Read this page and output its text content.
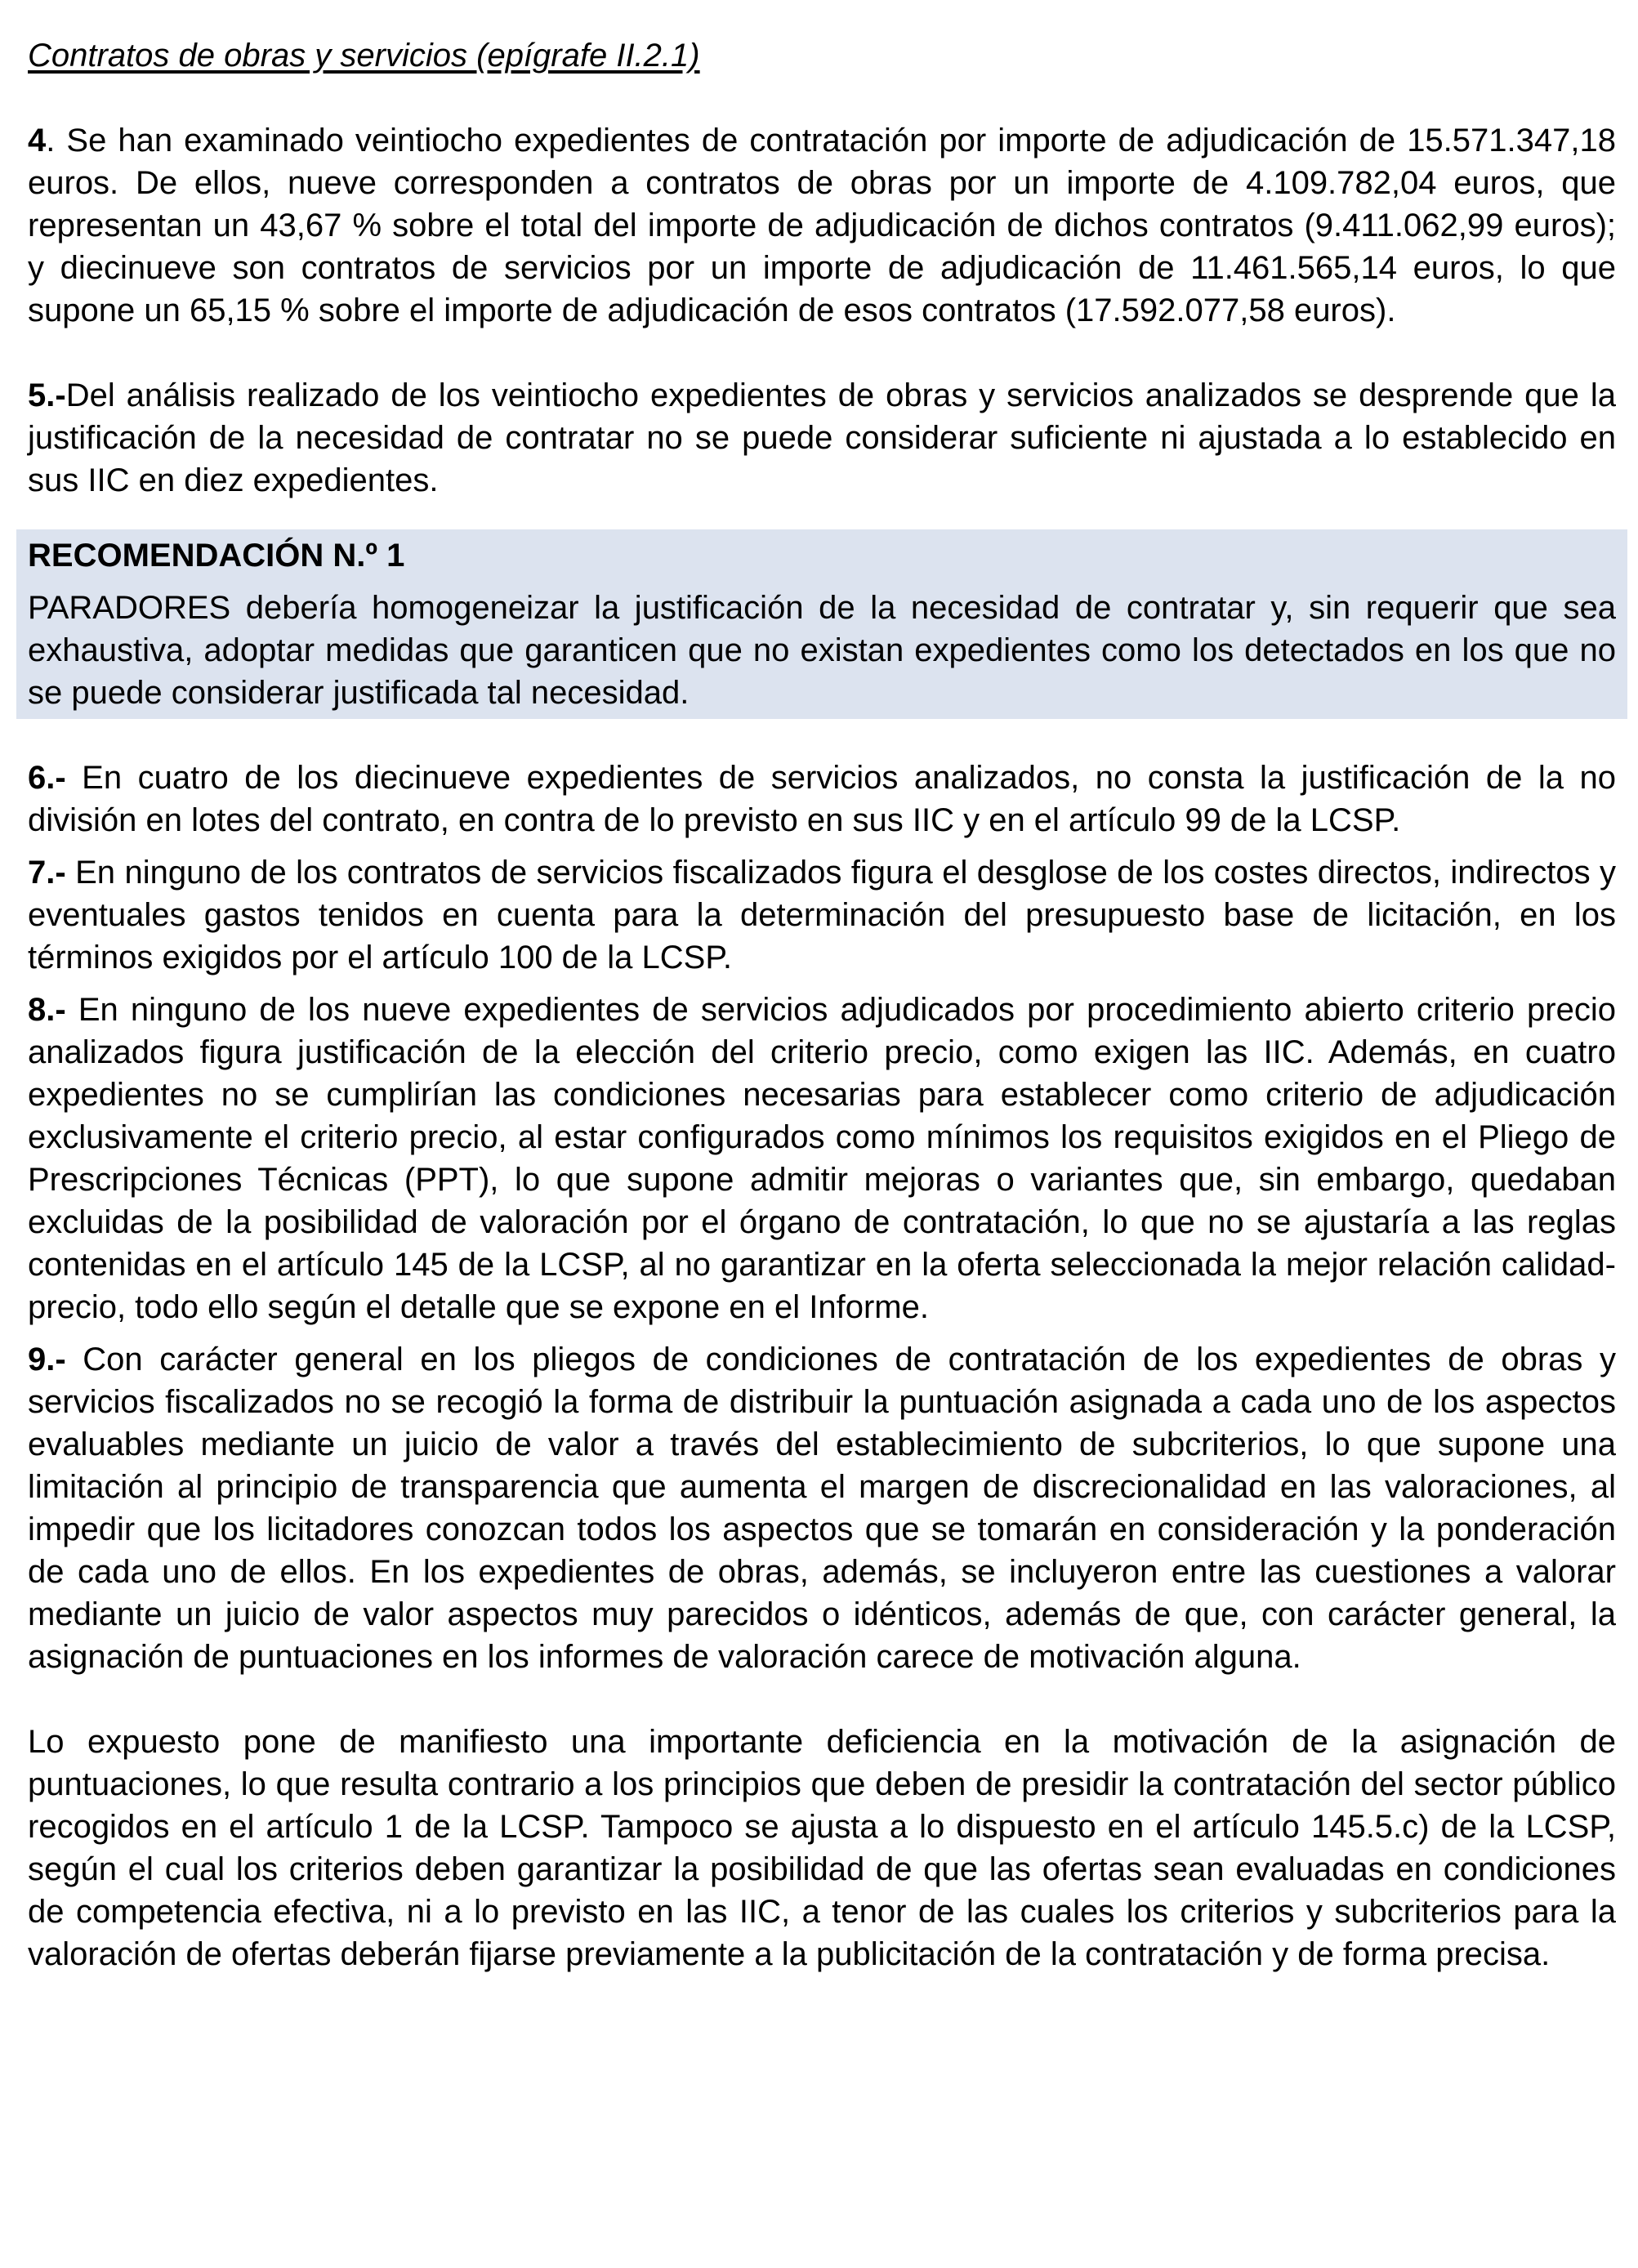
Contratos de obras y servicios (epígrafe II.2.1)

4. Se han examinado veintiocho expedientes de contratación por importe de adjudicación de 15.571.347,18 euros. De ellos, nueve corresponden a contratos de obras por un importe de 4.109.782,04 euros, que representan un 43,67 % sobre el total del importe de adjudicación de dichos contratos (9.411.062,99 euros); y diecinueve son contratos de servicios por un importe de adjudicación de 11.461.565,14 euros, lo que supone un 65,15 % sobre el importe de adjudicación de esos contratos (17.592.077,58 euros).

5.-Del análisis realizado de los veintiocho expedientes de obras y servicios analizados se desprende que la justificación de la necesidad de contratar no se puede considerar suficiente ni ajustada a lo establecido en sus IIC en diez expedientes.

RECOMENDACIÓN N.º 1

PARADORES debería homogeneizar la justificación de la necesidad de contratar y, sin requerir que sea exhaustiva, adoptar medidas que garanticen que no existan expedientes como los detectados en los que no se puede considerar justificada tal necesidad.

6.- En cuatro de los diecinueve expedientes de servicios analizados, no consta la justificación de la no división en lotes del contrato, en contra de lo previsto en sus IIC y en el artículo 99 de la LCSP.

7.- En ninguno de los contratos de servicios fiscalizados figura el desglose de los costes directos, indirectos y eventuales gastos tenidos en cuenta para la determinación del presupuesto base de licitación, en los términos exigidos por el artículo 100 de la LCSP.

8.- En ninguno de los nueve expedientes de servicios adjudicados por procedimiento abierto criterio precio analizados figura justificación de la elección del criterio precio, como exigen las IIC. Además, en cuatro expedientes no se cumplirían las condiciones necesarias para establecer como criterio de adjudicación exclusivamente el criterio precio, al estar configurados como mínimos los requisitos exigidos en el Pliego de Prescripciones Técnicas (PPT), lo que supone admitir mejoras o variantes que, sin embargo, quedaban excluidas de la posibilidad de valoración por el órgano de contratación, lo que no se ajustaría a las reglas contenidas en el artículo 145 de la LCSP, al no garantizar en la oferta seleccionada la mejor relación calidad-precio, todo ello según el detalle que se expone en el Informe.

9.- Con carácter general en los pliegos de condiciones de contratación de los expedientes de obras y servicios fiscalizados no se recogió la forma de distribuir la puntuación asignada a cada uno de los aspectos evaluables mediante un juicio de valor a través del establecimiento de subcriterios, lo que supone una limitación al principio de transparencia que aumenta el margen de discrecionalidad en las valoraciones, al impedir que los licitadores conozcan todos los aspectos que se tomarán en consideración y la ponderación de cada uno de ellos. En los expedientes de obras, además, se incluyeron entre las cuestiones a valorar mediante un juicio de valor aspectos muy parecidos o idénticos, además de que, con carácter general, la asignación de puntuaciones en los informes de valoración carece de motivación alguna.

Lo expuesto pone de manifiesto una importante deficiencia en la motivación de la asignación de puntuaciones, lo que resulta contrario a los principios que deben de presidir la contratación del sector público recogidos en el artículo 1 de la LCSP. Tampoco se ajusta a lo dispuesto en el artículo 145.5.c) de la LCSP, según el cual los criterios deben garantizar la posibilidad de que las ofertas sean evaluadas en condiciones de competencia efectiva, ni a lo previsto en las IIC, a tenor de las cuales los criterios y subcriterios para la valoración de ofertas deberán fijarse previamente a la publicitación de la contratación y de forma precisa.
